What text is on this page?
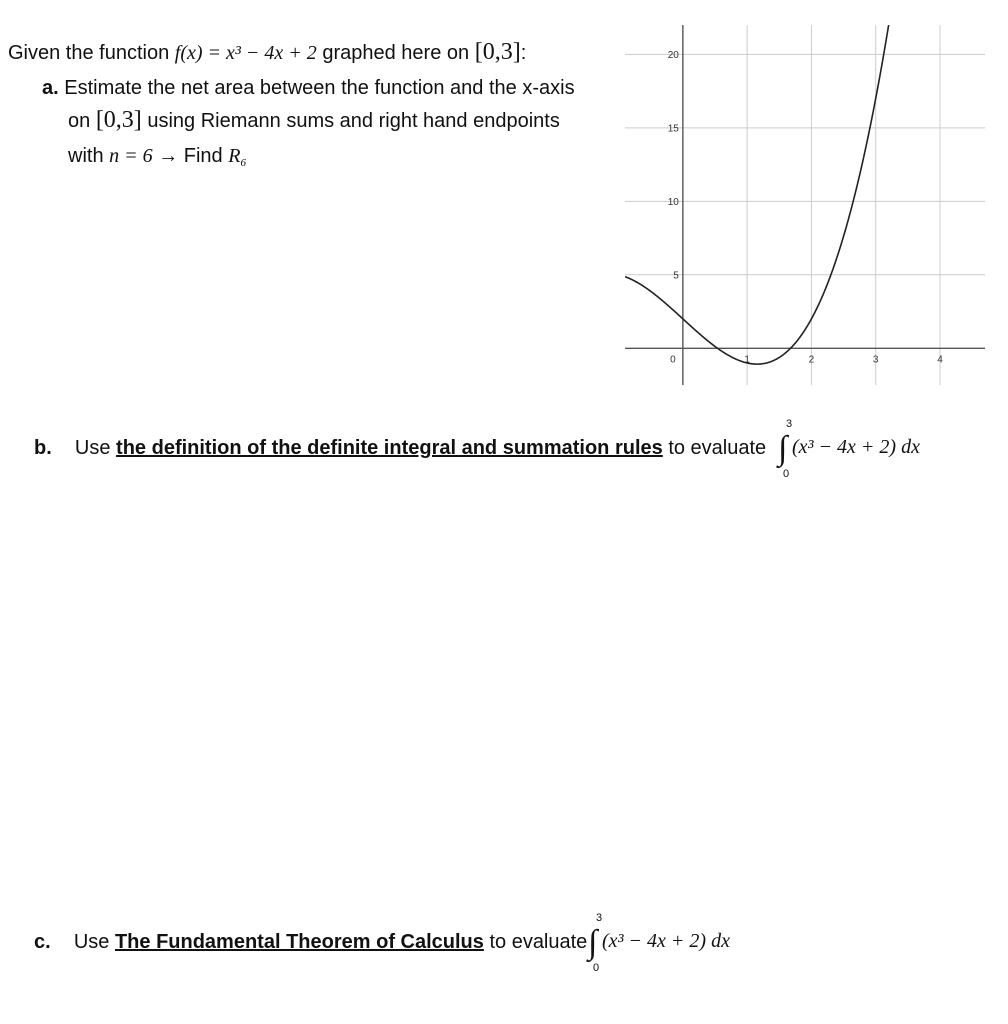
Given the function f(x) = x³ − 4x + 2 graphed here on [0,3]:
a. Estimate the net area between the function and the x-axis
on [0,3] using Riemann sums and right hand endpoints
with n = 6 → Find $R_6$
0	1	2	3	4
5
10
15
20
b. Use the definition of the definite integral and summation rules to evaluate ∫
3
0
(x³ − 4x + 2) dx
c. Use The Fundamental Theorem of Calculus to evaluate ∫
3
0
(x³ − 4x + 2) dx
